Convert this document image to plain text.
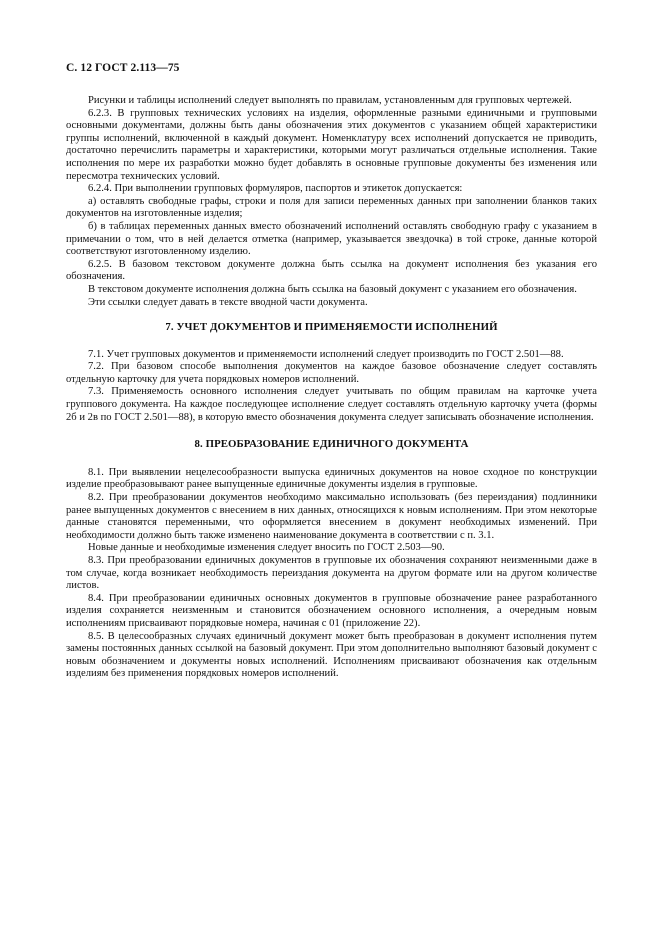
С. 12 ГОСТ 2.113—75

Рисунки и таблицы исполнений следует выполнять по правилам, установленным для групповых чертежей.

6.2.3. В групповых технических условиях на изделия, оформленные разными единичными и групповыми основными документами, должны быть даны обозначения этих документов с указанием общей характеристики группы исполнений, включенной в каждый документ. Номенклатуру всех исполнений допускается не приводить, достаточно перечислить параметры и характеристики, которыми могут различаться отдельные исполнения. Такие исполнения по мере их разработки можно будет добавлять в основные групповые документы без изменения или пересмотра технических условий.

6.2.4. При выполнении групповых формуляров, паспортов и этикеток допускается:

а) оставлять свободные графы, строки и поля для записи переменных данных при заполнении бланков таких документов на изготовленные изделия;

б) в таблицах переменных данных вместо обозначений исполнений оставлять свободную графу с указанием в примечании о том, что в ней делается отметка (например, указывается звездочка) в той строке, данные которой соответствуют изготовленному изделию.

6.2.5. В базовом текстовом документе должна быть ссылка на документ исполнения без указания его обозначения.

В текстовом документе исполнения должна быть ссылка на базовый документ с указанием его обозначения.

Эти ссылки следует давать в тексте вводной части документа.

7. УЧЕТ ДОКУМЕНТОВ И ПРИМЕНЯЕМОСТИ ИСПОЛНЕНИЙ

7.1. Учет групповых документов и применяемости исполнений следует производить по ГОСТ 2.501—88.

7.2. При базовом способе выполнения документов на каждое базовое обозначение следует составлять отдельную карточку для учета порядковых номеров исполнений.

7.3. Применяемость основного исполнения следует учитывать по общим правилам на карточке учета группового документа. На каждое последующее исполнение следует составлять отдельную карточку учета (формы 2б и 2в по ГОСТ 2.501—88), в которую вместо обозначения документа следует записывать обозначение исполнения.

8. ПРЕОБРАЗОВАНИЕ ЕДИНИЧНОГО ДОКУМЕНТА

8.1. При выявлении нецелесообразности выпуска единичных документов на новое сходное по конструкции изделие преобразовывают ранее выпущенные единичные документы изделия в групповые.

8.2. При преобразовании документов необходимо максимально использовать (без переиздания) подлинники ранее выпущенных документов с внесением в них данных, относящихся к новым исполнениям. При этом некоторые данные становятся переменными, что оформляется внесением в документ необходимых изменений. При необходимости должно быть также изменено наименование документа в соответствии с п. 3.1.

Новые данные и необходимые изменения следует вносить по ГОСТ 2.503—90.

8.3. При преобразовании единичных документов в групповые их обозначения сохраняют неизменными даже в том случае, когда возникает необходимость переиздания документа на другом формате или на другом количестве листов.

8.4. При преобразовании единичных основных документов в групповые обозначение ранее разработанного изделия сохраняется неизменным и становится обозначением основного исполнения, а очередным новым исполнениям присваивают порядковые номера, начиная с 01 (приложение 22).

8.5. В целесообразных случаях единичный документ может быть преобразован в документ исполнения путем замены постоянных данных ссылкой на базовый документ. При этом дополнительно выполняют базовый документ с новым обозначением и документы новых исполнений. Исполнениям присваивают обозначения как отдельным изделиям без применения порядковых номеров исполнений.
